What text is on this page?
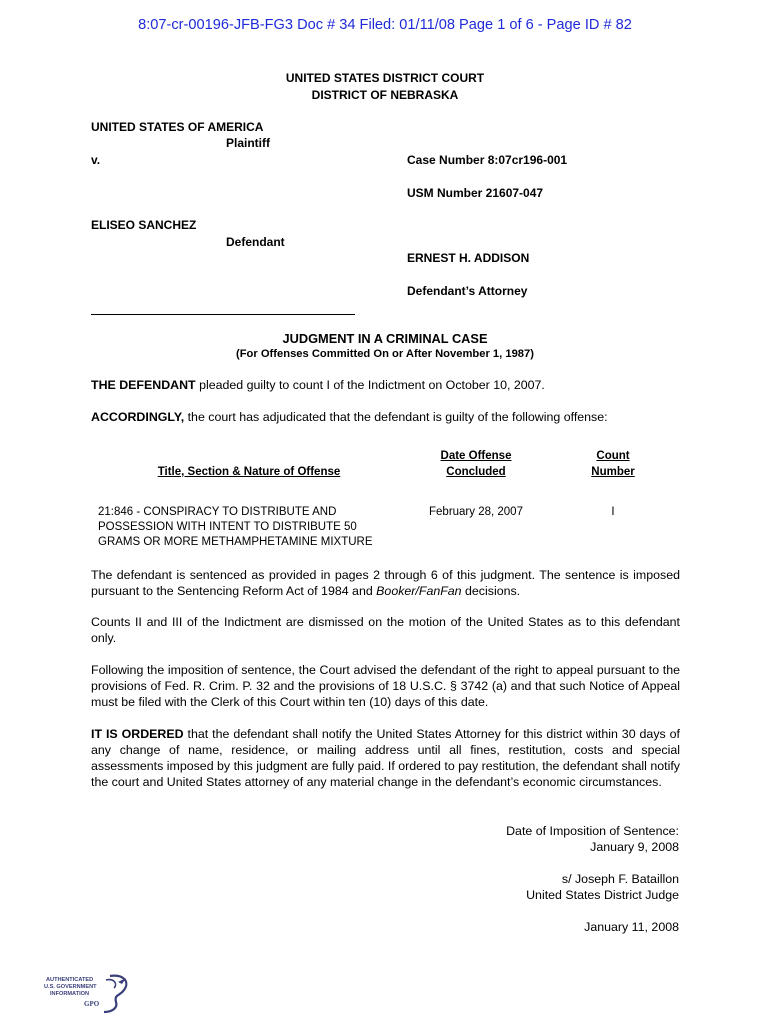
8:07-cr-00196-JFB-FG3 Doc # 34 Filed: 01/11/08 Page 1 of 6 - Page ID # 82
UNITED STATES DISTRICT COURT
DISTRICT OF NEBRASKA
UNITED STATES OF AMERICA
Plaintiff
v.	Case Number 8:07cr196-001
USM Number 21607-047
ELISEO SANCHEZ
Defendant
ERNEST H. ADDISON
Defendant’s Attorney
JUDGMENT IN A CRIMINAL CASE
(For Offenses Committed On or After November 1, 1987)
THE DEFENDANT pleaded guilty to count I of the Indictment on October 10, 2007.
ACCORDINGLY, the court has adjudicated that the defendant is guilty of the following offense:
Title, Section & Nature of Offense
Date Offense
Concluded
Count
Number
21:846 - CONSPIRACY TO DISTRIBUTE AND
POSSESSION WITH INTENT TO DISTRIBUTE 50
GRAMS OR MORE METHAMPHETAMINE MIXTURE
February 28, 2007	I
The defendant is sentenced as provided in pages 2 through 6 of this judgment. The sentence is imposed pursuant to the Sentencing Reform Act of 1984 and Booker/FanFan decisions.
Counts II and III of the Indictment are dismissed on the motion of the United States as to this defendant only.
Following the imposition of sentence, the Court advised the defendant of the right to appeal pursuant to the provisions of Fed. R. Crim. P. 32 and the provisions of 18 U.S.C. § 3742 (a) and that such Notice of Appeal must be filed with the Clerk of this Court within ten (10) days of this date.
IT IS ORDERED that the defendant shall notify the United States Attorney for this district within 30 days of any change of name, residence, or mailing address until all fines, restitution, costs and special assessments imposed by this judgment are fully paid. If ordered to pay restitution, the defendant shall notify the court and United States attorney of any material change in the defendant’s economic circumstances.
Date of Imposition of Sentence:
January 9, 2008
s/ Joseph F. Bataillon
United States District Judge
January 11, 2008
AUTHENTICATED
U.S. GOVERNMENT
INFORMATION
GPO
